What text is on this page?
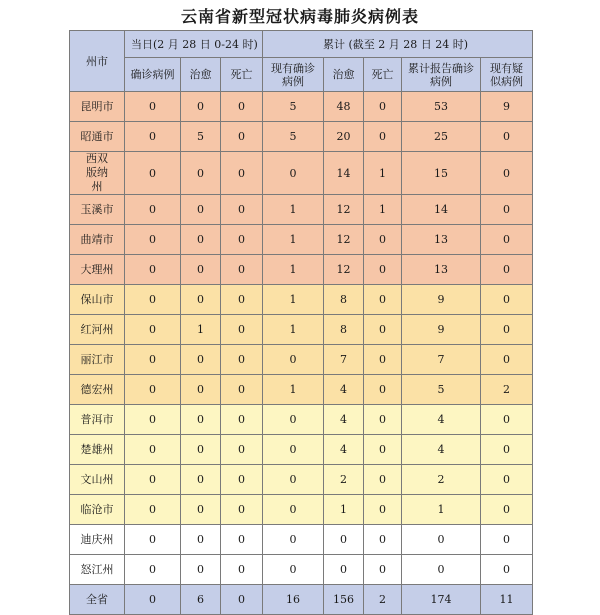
云南省新型冠状病毒肺炎病例表
州市	当日(2 月 28 日 0-24 时)			累计 (截至 2 月 28 日 24 时)				
	确诊病例	治愈	死亡	现有确诊病例	治愈	死亡	累计报告确诊病例	现有疑似病例
昆明市	0	0	0	5	48	0	53	9
昭通市	0	5	0	5	20	0	25	0
西双版纳州	0	0	0	0	14	1	15	0
玉溪市	0	0	0	1	12	1	14	0
曲靖市	0	0	0	1	12	0	13	0
大理州	0	0	0	1	12	0	13	0
保山市	0	0	0	1	8	0	9	0
红河州	0	1	0	1	8	0	9	0
丽江市	0	0	0	0	7	0	7	0
德宏州	0	0	0	1	4	0	5	2
普洱市	0	0	0	0	4	0	4	0
楚雄州	0	0	0	0	4	0	4	0
文山州	0	0	0	0	2	0	2	0
临沧市	0	0	0	0	1	0	1	0
迪庆州	0	0	0	0	0	0	0	0
怒江州	0	0	0	0	0	0	0	0
全省	0	6	0	16	156	2	174	11
